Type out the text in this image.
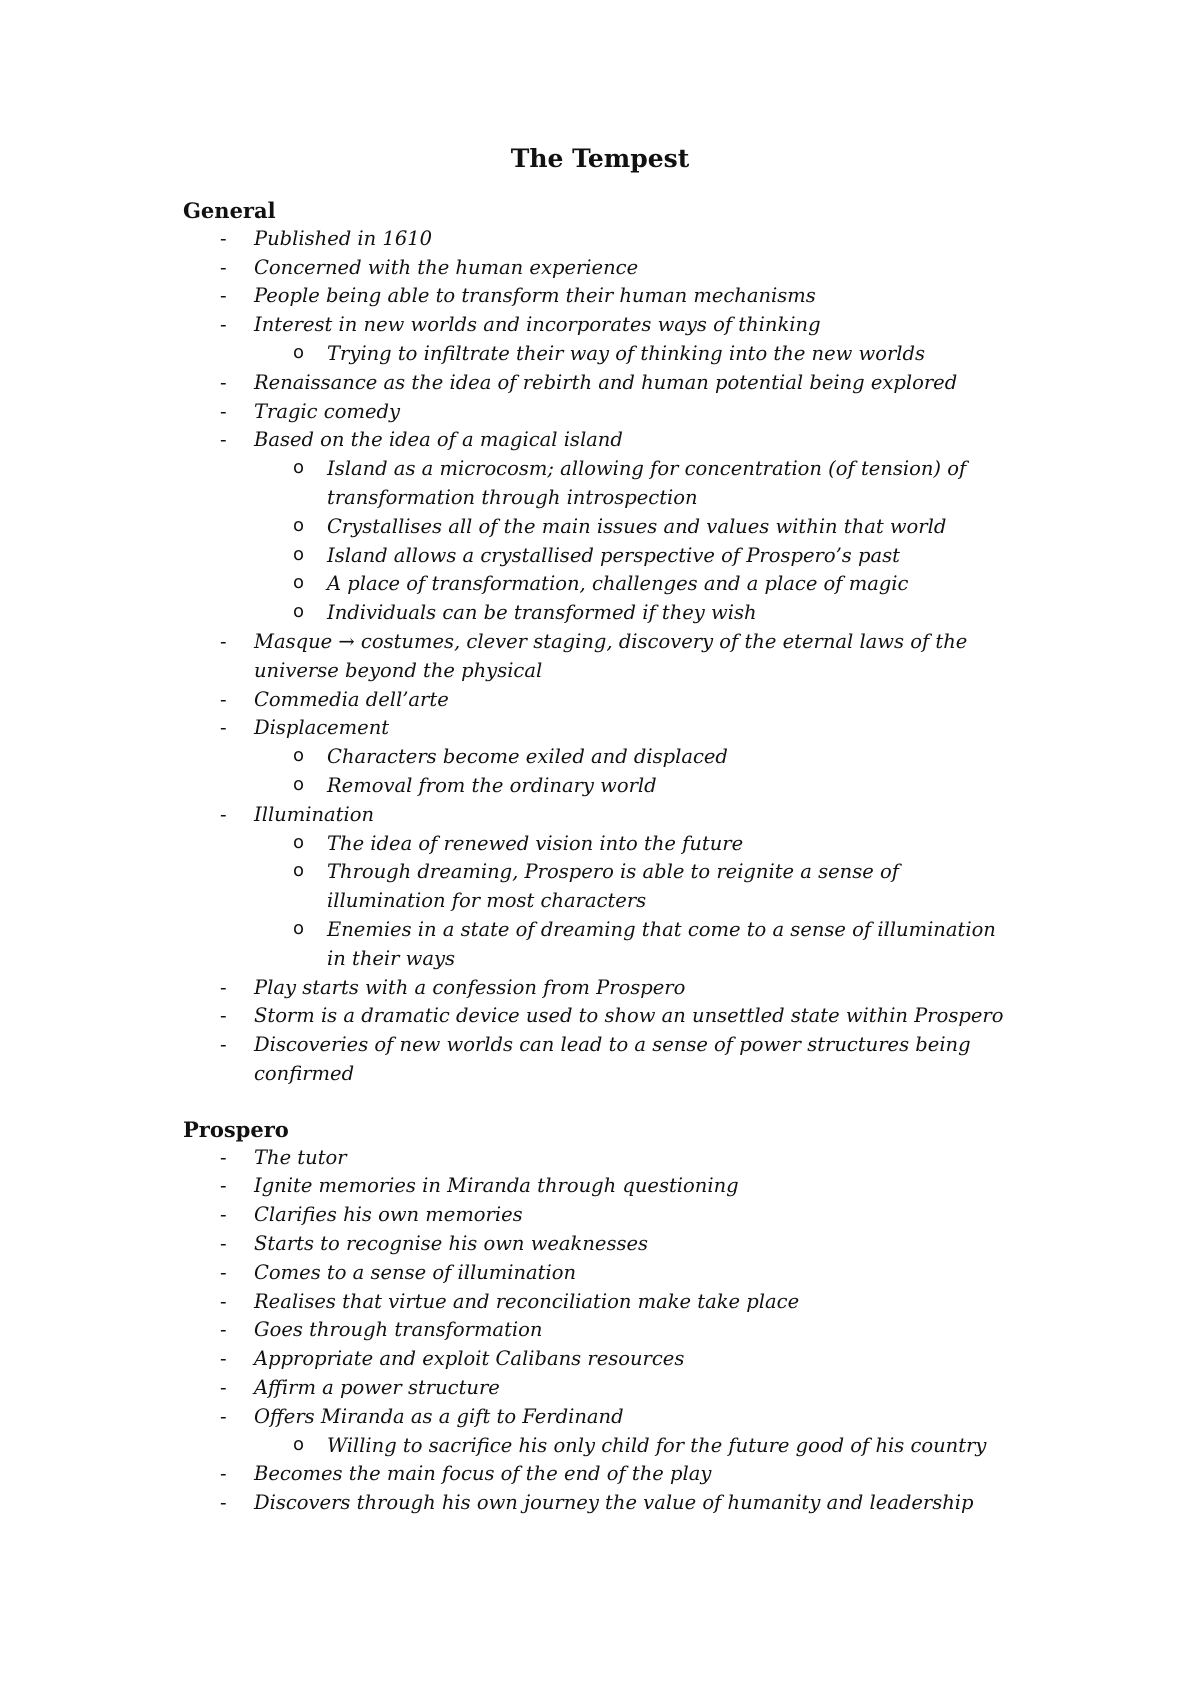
The Tempest
General
- Published in 1610
- Concerned with the human experience
- People being able to transform their human mechanisms
- Interest in new worlds and incorporates ways of thinking
o Trying to infiltrate their way of thinking into the new worlds
- Renaissance as the idea of rebirth and human potential being explored
- Tragic comedy
- Based on the idea of a magical island
o Island as a microcosm; allowing for concentration (of tension) of
transformation through introspection
o Crystallises all of the main issues and values within that world
o Island allows a crystallised perspective of Prospero’s past
o A place of transformation, challenges and a place of magic
o Individuals can be transformed if they wish
- Masque → costumes, clever staging, discovery of the eternal laws of the
universe beyond the physical
- Commedia dell’arte
- Displacement
o Characters become exiled and displaced
o Removal from the ordinary world
- Illumination
o The idea of renewed vision into the future
o Through dreaming, Prospero is able to reignite a sense of
illumination for most characters
o Enemies in a state of dreaming that come to a sense of illumination
in their ways
- Play starts with a confession from Prospero
- Storm is a dramatic device used to show an unsettled state within Prospero
- Discoveries of new worlds can lead to a sense of power structures being
confirmed
Prospero
- The tutor
- Ignite memories in Miranda through questioning
- Clarifies his own memories
- Starts to recognise his own weaknesses
- Comes to a sense of illumination
- Realises that virtue and reconciliation make take place
- Goes through transformation
- Appropriate and exploit Calibans resources
- Affirm a power structure
- Offers Miranda as a gift to Ferdinand
o Willing to sacrifice his only child for the future good of his country
- Becomes the main focus of the end of the play
- Discovers through his own journey the value of humanity and leadership
